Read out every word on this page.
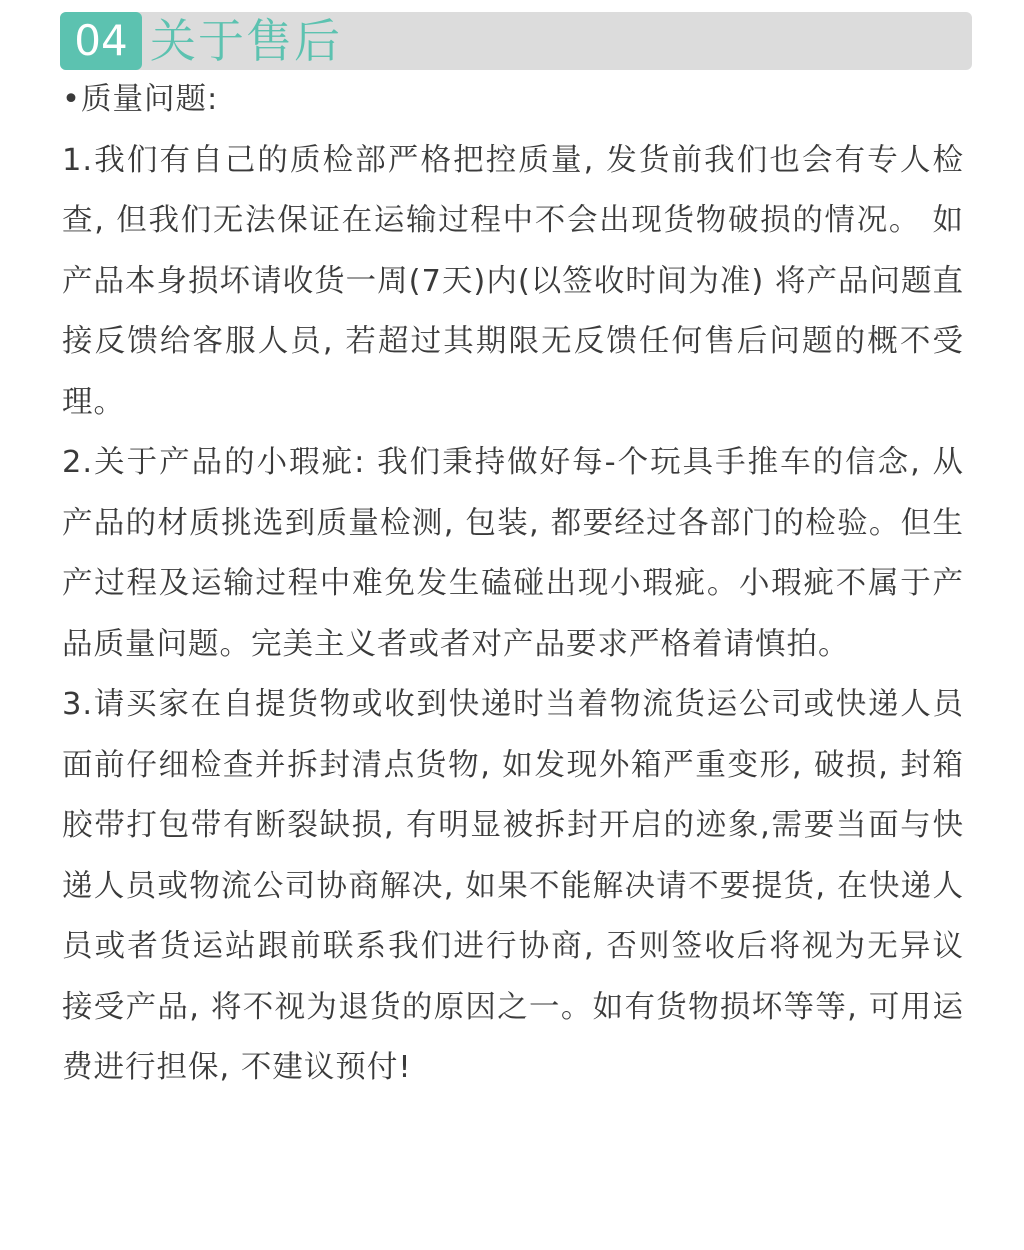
04 关于售后

•质量问题:

1.我们有自己的质检部严格把控质量, 发货前我们也会有专人检查, 但我们无法保证在运输过程中不会出现货物破损的情况。 如产品本身损坏请收货一周(7天)内(以签收时间为准) 将产品问题直接反馈给客服人员, 若超过其期限无反馈任何售后问题的概不受理。

2.关于产品的小瑕疵: 我们秉持做好每-个玩具手推车的信念, 从产品的材质挑选到质量检测, 包装, 都要经过各部门的检验。但生产过程及运输过程中难免发生磕碰出现小瑕疵。小瑕疵不属于产品质量问题。完美主义者或者对产品要求严格着请慎拍。

3.请买家在自提货物或收到快递时当着物流货运公司或快递人员面前仔细检查并拆封清点货物, 如发现外箱严重变形, 破损, 封箱胶带打包带有断裂缺损, 有明显被拆封开启的迹象,需要当面与快递人员或物流公司协商解决, 如果不能解决请不要提货, 在快递人员或者货运站跟前联系我们进行协商, 否则签收后将视为无异议接受产品, 将不视为退货的原因之一。如有货物损坏等等, 可用运费进行担保, 不建议预付!
